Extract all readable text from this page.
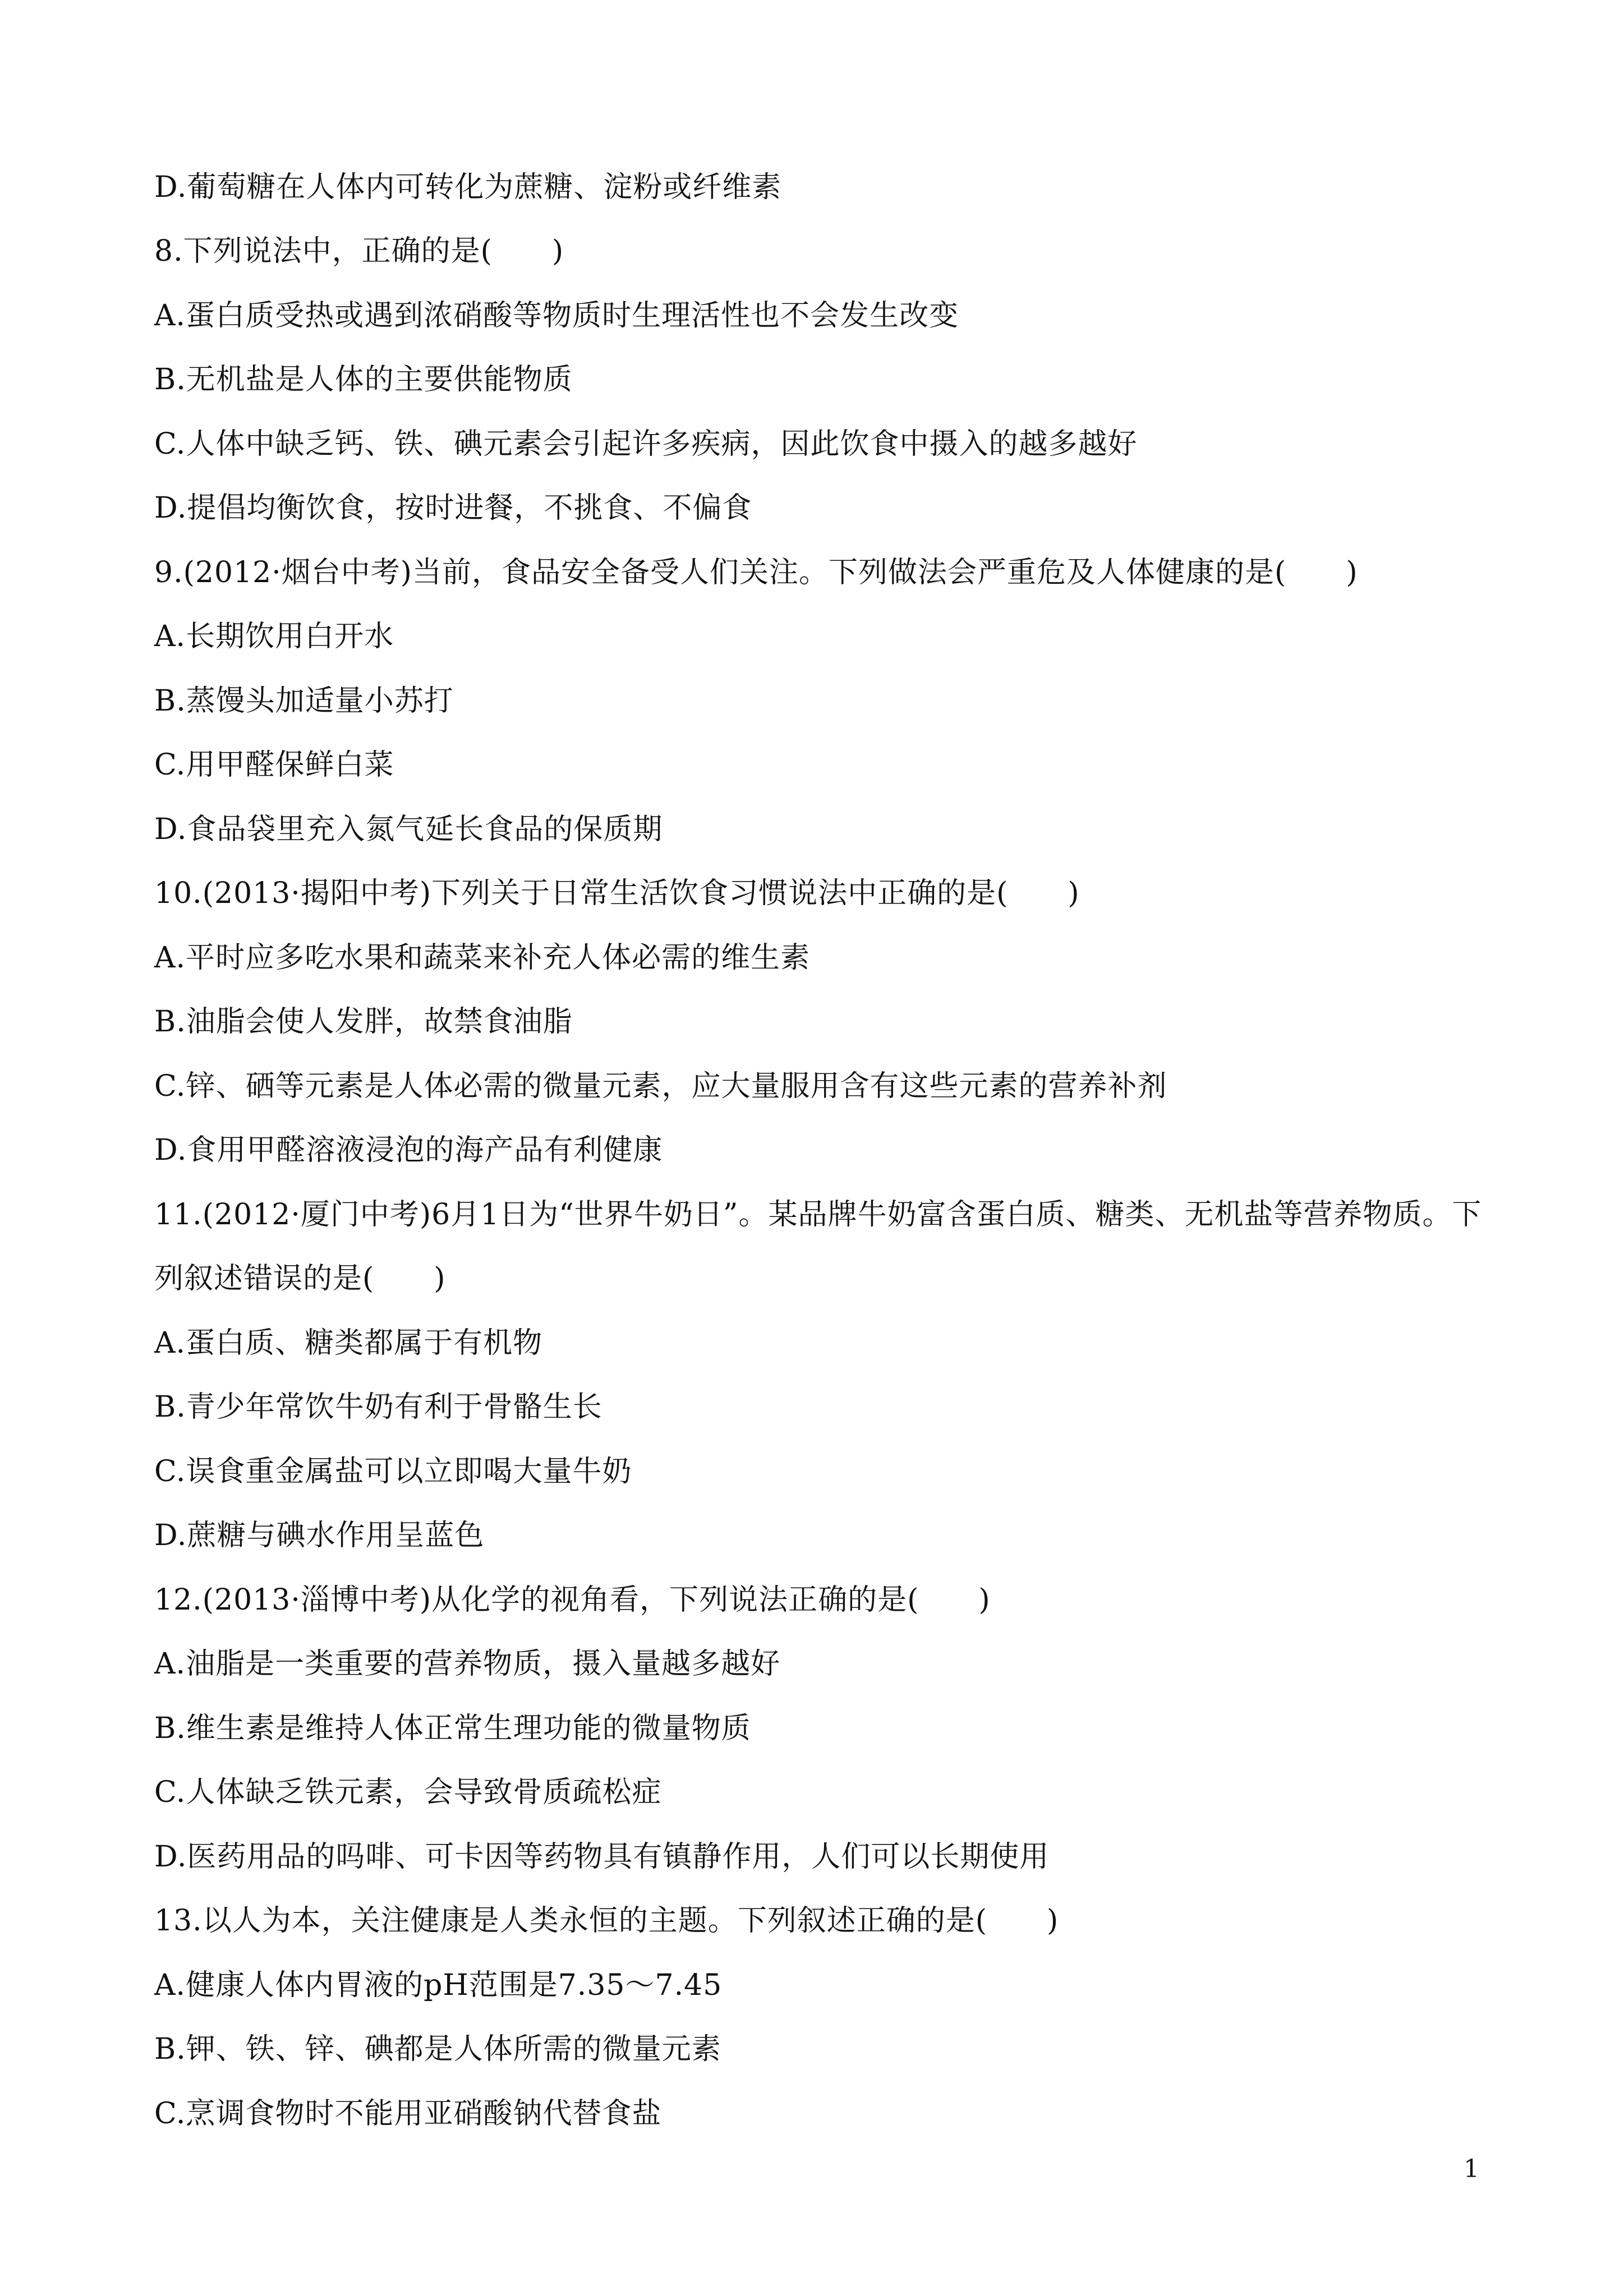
D.葡萄糖在人体内可转化为蔗糖、淀粉或纤维素
8.下列说法中，正确的是(　　)
A.蛋白质受热或遇到浓硝酸等物质时生理活性也不会发生改变
B.无机盐是人体的主要供能物质
C.人体中缺乏钙、铁、碘元素会引起许多疾病，因此饮食中摄入的越多越好
D.提倡均衡饮食，按时进餐，不挑食、不偏食
9.(2012·烟台中考)当前，食品安全备受人们关注。下列做法会严重危及人体健康的是(　　)
A.长期饮用白开水
B.蒸馒头加适量小苏打
C.用甲醛保鲜白菜
D.食品袋里充入氮气延长食品的保质期
10.(2013·揭阳中考)下列关于日常生活饮食习惯说法中正确的是(　　)
A.平时应多吃水果和蔬菜来补充人体必需的维生素
B.油脂会使人发胖，故禁食油脂
C.锌、硒等元素是人体必需的微量元素，应大量服用含有这些元素的营养补剂
D.食用甲醛溶液浸泡的海产品有利健康
11.(2012·厦门中考)6月1日为“世界牛奶日”。某品牌牛奶富含蛋白质、糖类、无机盐等营养物质。下
列叙述错误的是(　　)
A.蛋白质、糖类都属于有机物
B.青少年常饮牛奶有利于骨骼生长
C.误食重金属盐可以立即喝大量牛奶
D.蔗糖与碘水作用呈蓝色
12.(2013·淄博中考)从化学的视角看，下列说法正确的是(　　)
A.油脂是一类重要的营养物质，摄入量越多越好
B.维生素是维持人体正常生理功能的微量物质
C.人体缺乏铁元素，会导致骨质疏松症
D.医药用品的吗啡、可卡因等药物具有镇静作用，人们可以长期使用
13.以人为本，关注健康是人类永恒的主题。下列叙述正确的是(　　)
A.健康人体内胃液的pH范围是7.35～7.45
B.钾、铁、锌、碘都是人体所需的微量元素
C.烹调食物时不能用亚硝酸钠代替食盐
1
